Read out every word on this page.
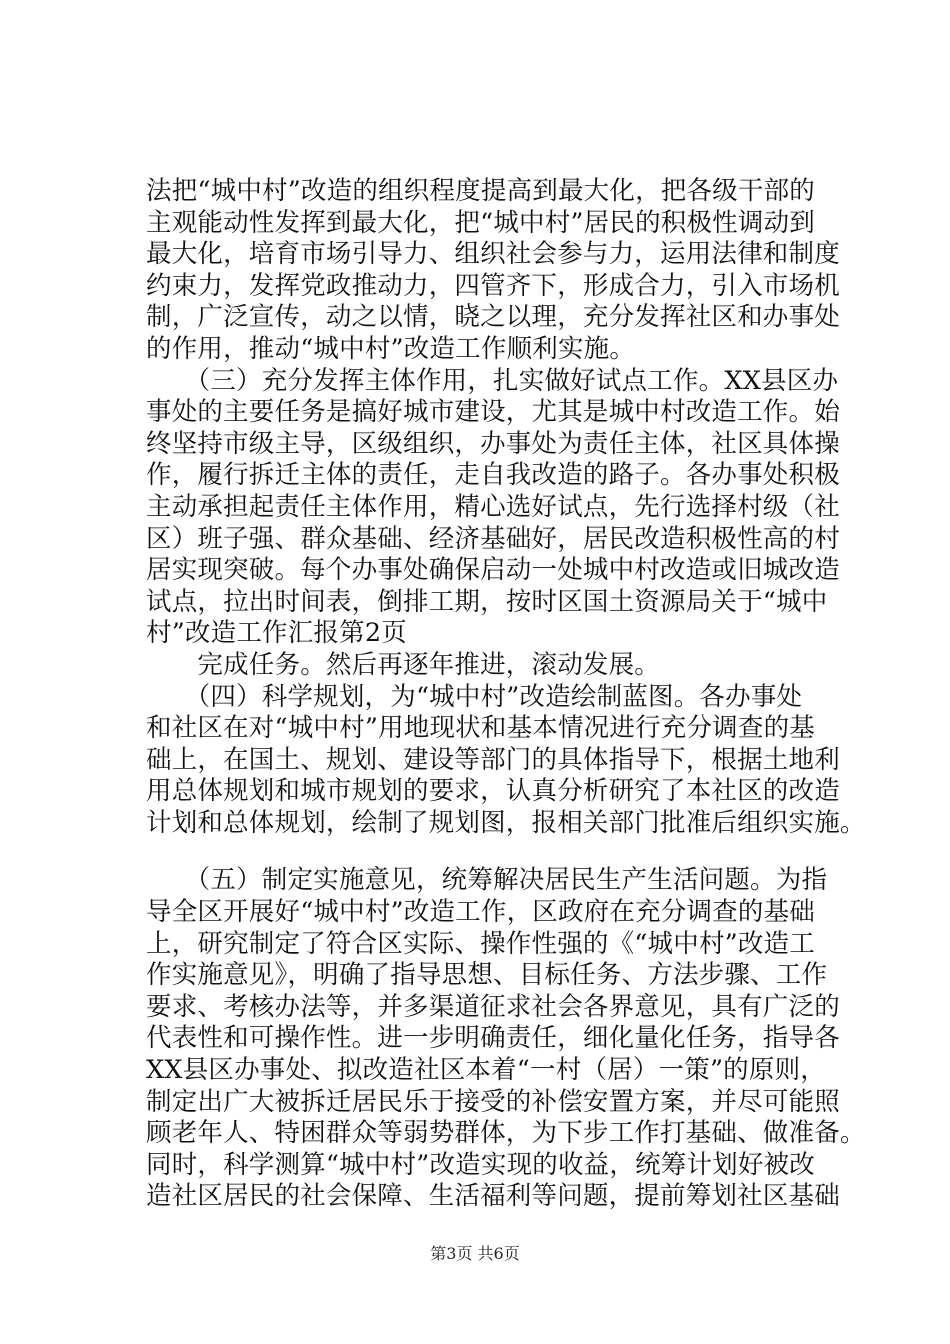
法把“城中村”改造的组织程度提高到最大化，把各级干部的
主观能动性发挥到最大化，把“城中村”居民的积极性调动到
最大化，培育市场引导力、组织社会参与力，运用法律和制度
约束力，发挥党政推动力，四管齐下，形成合力，引入市场机
制，广泛宣传，动之以情，晓之以理，充分发挥社区和办事处
的作用，推动“城中村”改造工作顺利实施。
　　（三）充分发挥主体作用，扎实做好试点工作。XX县区办
事处的主要任务是搞好城市建设，尤其是城中村改造工作。始
终坚持市级主导，区级组织，办事处为责任主体，社区具体操
作，履行拆迁主体的责任，走自我改造的路子。各办事处积极
主动承担起责任主体作用，精心选好试点，先行选择村级（社
区）班子强、群众基础、经济基础好，居民改造积极性高的村
居实现突破。每个办事处确保启动一处城中村改造或旧城改造
试点，拉出时间表，倒排工期，按时区国土资源局关于“城中
村”改造工作汇报第2页
　　完成任务。然后再逐年推进，滚动发展。
　　（四）科学规划，为“城中村”改造绘制蓝图。各办事处
和社区在对“城中村”用地现状和基本情况进行充分调查的基
础上，在国土、规划、建设等部门的具体指导下，根据土地利
用总体规划和城市规划的要求，认真分析研究了本社区的改造
计划和总体规划，绘制了规划图，报相关部门批准后组织实施。
　　（五）制定实施意见，统筹解决居民生产生活问题。为指
导全区开展好“城中村”改造工作，区政府在充分调查的基础
上，研究制定了符合区实际、操作性强的《“城中村”改造工
作实施意见》，明确了指导思想、目标任务、方法步骤、工作
要求、考核办法等，并多渠道征求社会各界意见，具有广泛的
代表性和可操作性。进一步明确责任，细化量化任务，指导各
XX县区办事处、拟改造社区本着“一村（居）一策”的原则，
制定出广大被拆迁居民乐于接受的补偿安置方案，并尽可能照
顾老年人、特困群众等弱势群体，为下步工作打基础、做准备。
同时，科学测算“城中村”改造实现的收益，统筹计划好被改
造社区居民的社会保障、生活福利等问题，提前筹划社区基础
第3页 共6页
